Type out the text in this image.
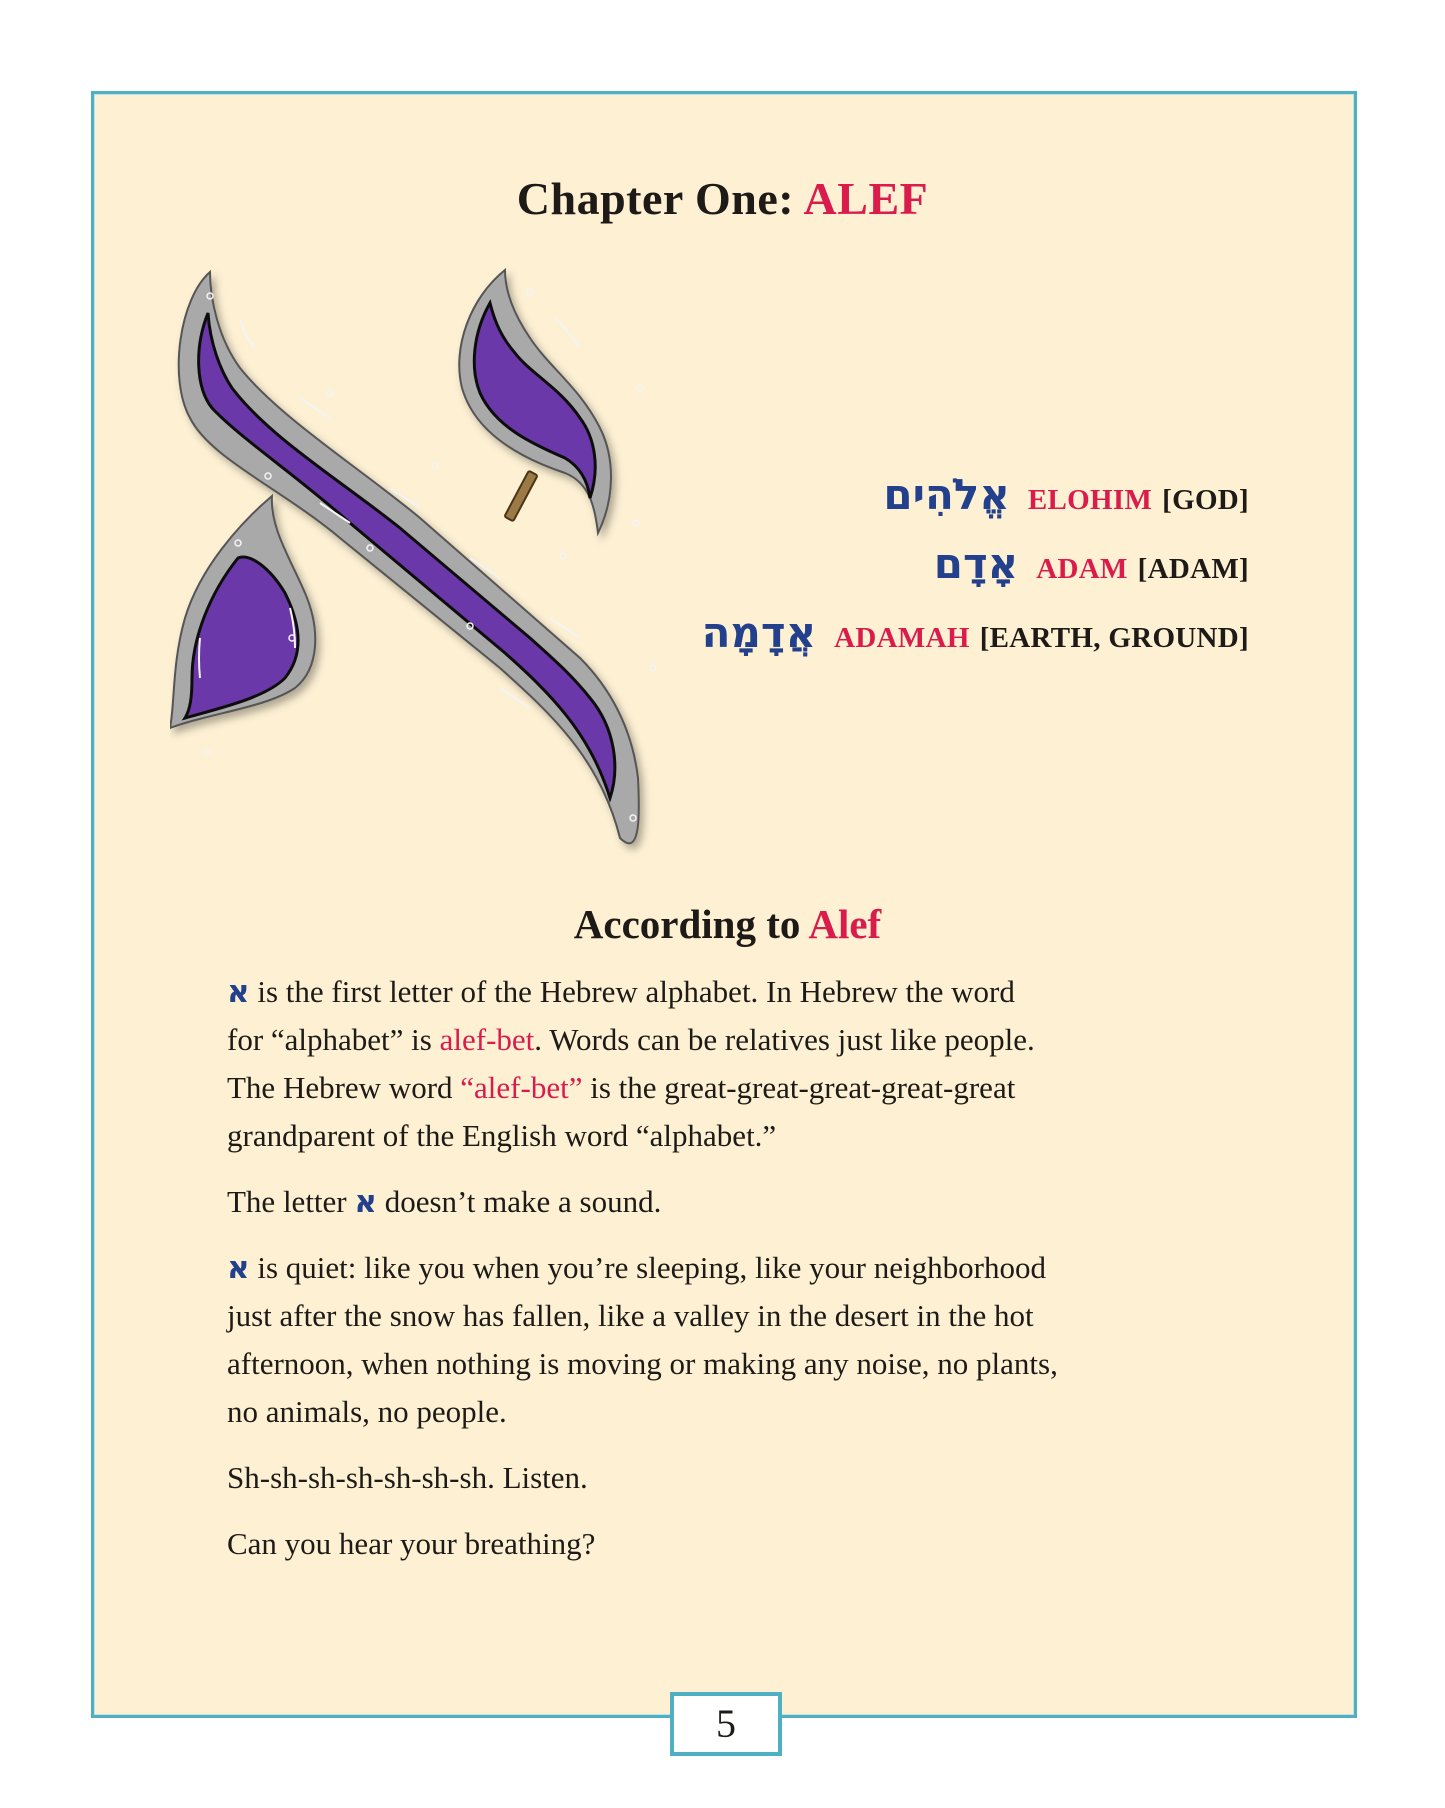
Chapter One: ALEF
אֱלֹהִים ELOHIM [GOD]
אָדָם ADAM [ADAM]
אֲדָמָה ADAMAH [EARTH, GROUND]
According to Alef

א is the first letter of the Hebrew alphabet. In Hebrew the word
for “alphabet” is alef-bet. Words can be relatives just like people.
The Hebrew word “alef-bet” is the great-great-great-great-great
grandparent of the English word “alphabet.”

The letter א doesn’t make a sound.

א is quiet: like you when you’re sleeping, like your neighborhood
just after the snow has fallen, like a valley in the desert in the hot
afternoon, when nothing is moving or making any noise, no plants,
no animals, no people.

Sh-sh-sh-sh-sh-sh-sh. Listen.

Can you hear your breathing?

5
